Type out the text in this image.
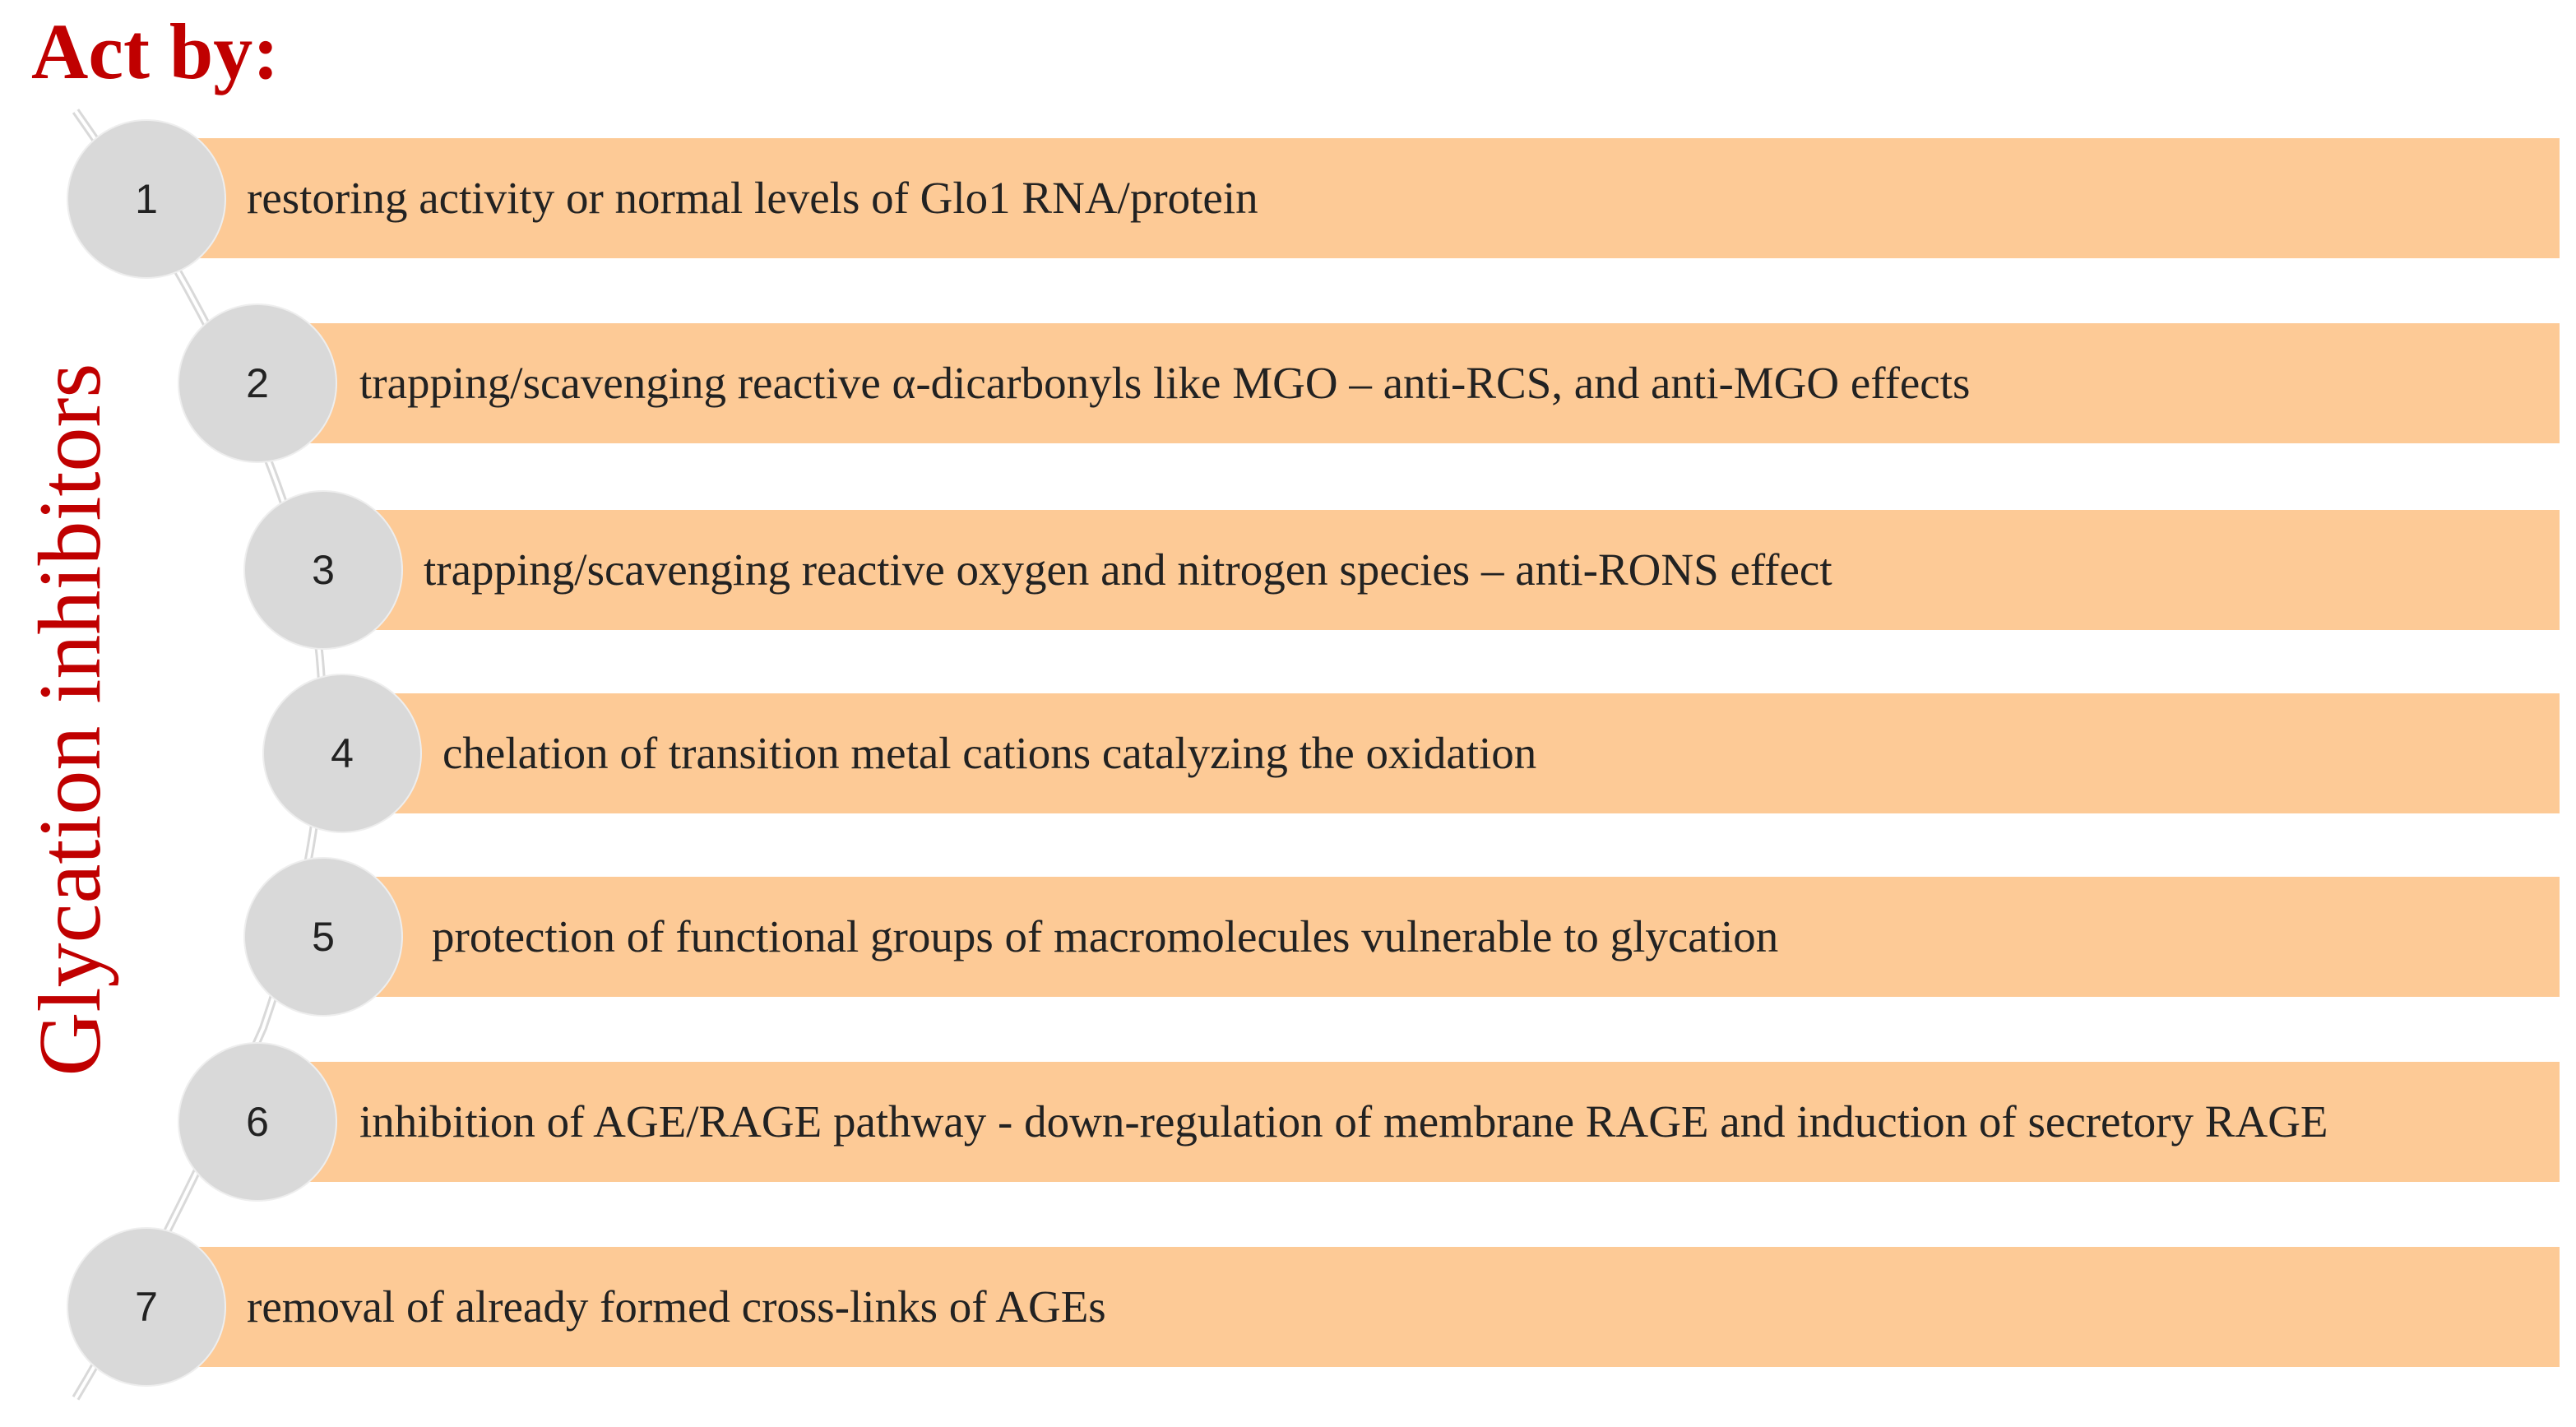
Act by:
Glycation inhibitors
restoring activity or normal levels of Glo1 RNA/protein
1
trapping/scavenging reactive α-dicarbonyls like MGO – anti-RCS, and anti-MGO effects
2
trapping/scavenging reactive oxygen and nitrogen species – anti-RONS effect
3
chelation of transition metal cations catalyzing the oxidation
4
protection of functional groups of macromolecules vulnerable to glycation
5
inhibition of AGE/RAGE pathway - down-regulation of membrane RAGE and induction of secretory RAGE
6
removal of already formed cross-links of AGEs
7
